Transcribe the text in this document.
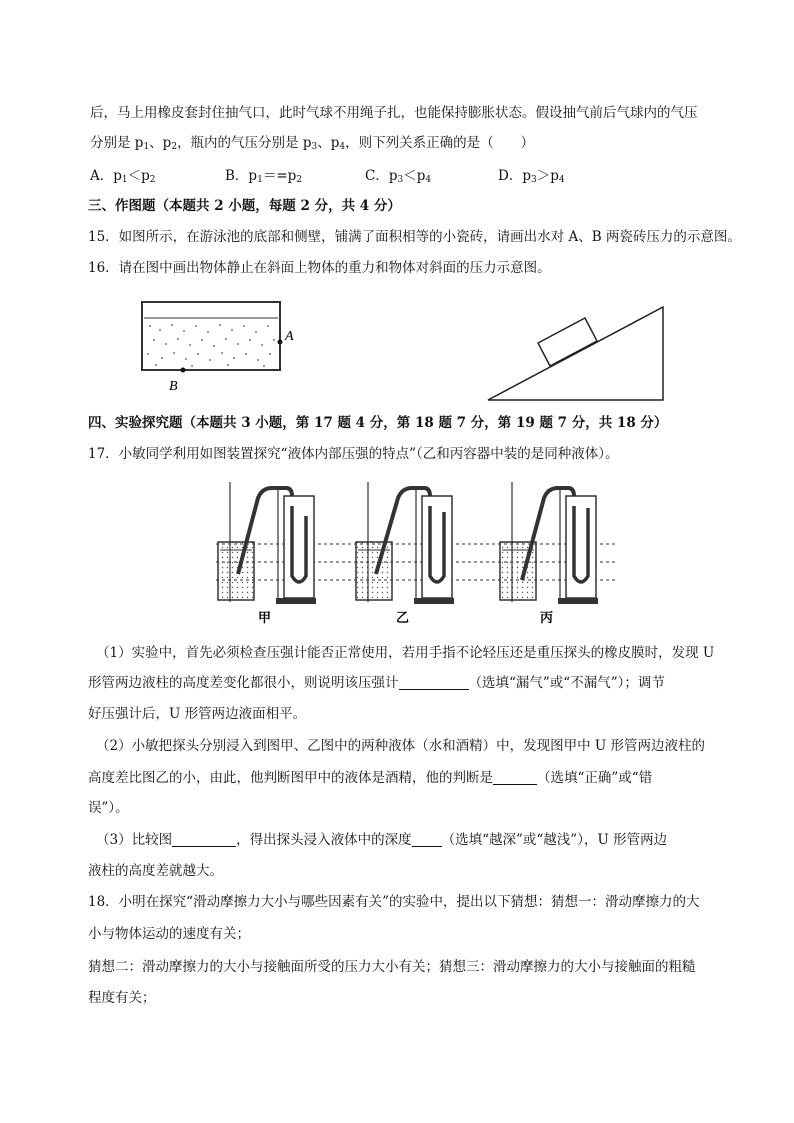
后，马上用橡皮套封住抽气口，此时气球不用绳子扎，也能保持膨胀状态。假设抽气前后气球内的气压
分别是 $p_1$、$p_2$，瓶内的气压分别是 $p_3$、$p_4$，则下列关系正确的是（　　）
A．$p_1<p_2$	B．$p_1==p_2$	C．$p_3<p_4$	D．$p_3>p_4$
三、作图题（本题共 2 小题，每题 2 分，共 4 分）
15．如图所示，在游泳池的底部和侧壁，铺满了面积相等的小瓷砖，请画出水对 A、B 两瓷砖压力的示意图。
16．请在图中画出物体静止在斜面上物体的重力和物体对斜面的压力示意图。
A
B
四、实验探究题（本题共 3 小题，第 17 题 4 分，第 18 题 7 分，第 19 题 7 分，共 18 分）
17．小敏同学利用如图装置探究“液体内部压强的特点”（乙和丙容器中装的是同种液体）。
甲	乙	丙
（1）实验中，首先必须检查压强计能否正常使用，若用手指不论轻压还是重压探头的橡皮膜时，发现 U
形管两边液柱的高度差变化都很小，则说明该压强计	（选填“漏气”或“不漏气”）；调节
好压强计后，U 形管两边液面相平。
（2）小敏把探头分别浸入到图甲、乙图中的两种液体（水和酒精）中，发现图甲中 U 形管两边液柱的
高度差比图乙的小，由此，他判断图甲中的液体是酒精，他的判断是	（选填“正确”或“错
误”）。
（3）比较图	，得出探头浸入液体中的深度 （选填“越深”或“越浅”），U 形管两边
液柱的高度差就越大。
18．小明在探究“滑动摩擦力大小与哪些因素有关”的实验中，提出以下猜想：猜想一：滑动摩擦力的大
小与物体运动的速度有关；
猜想二：滑动摩擦力的大小与接触面所受的压力大小有关；猜想三：滑动摩擦力的大小与接触面的粗糙
程度有关；
